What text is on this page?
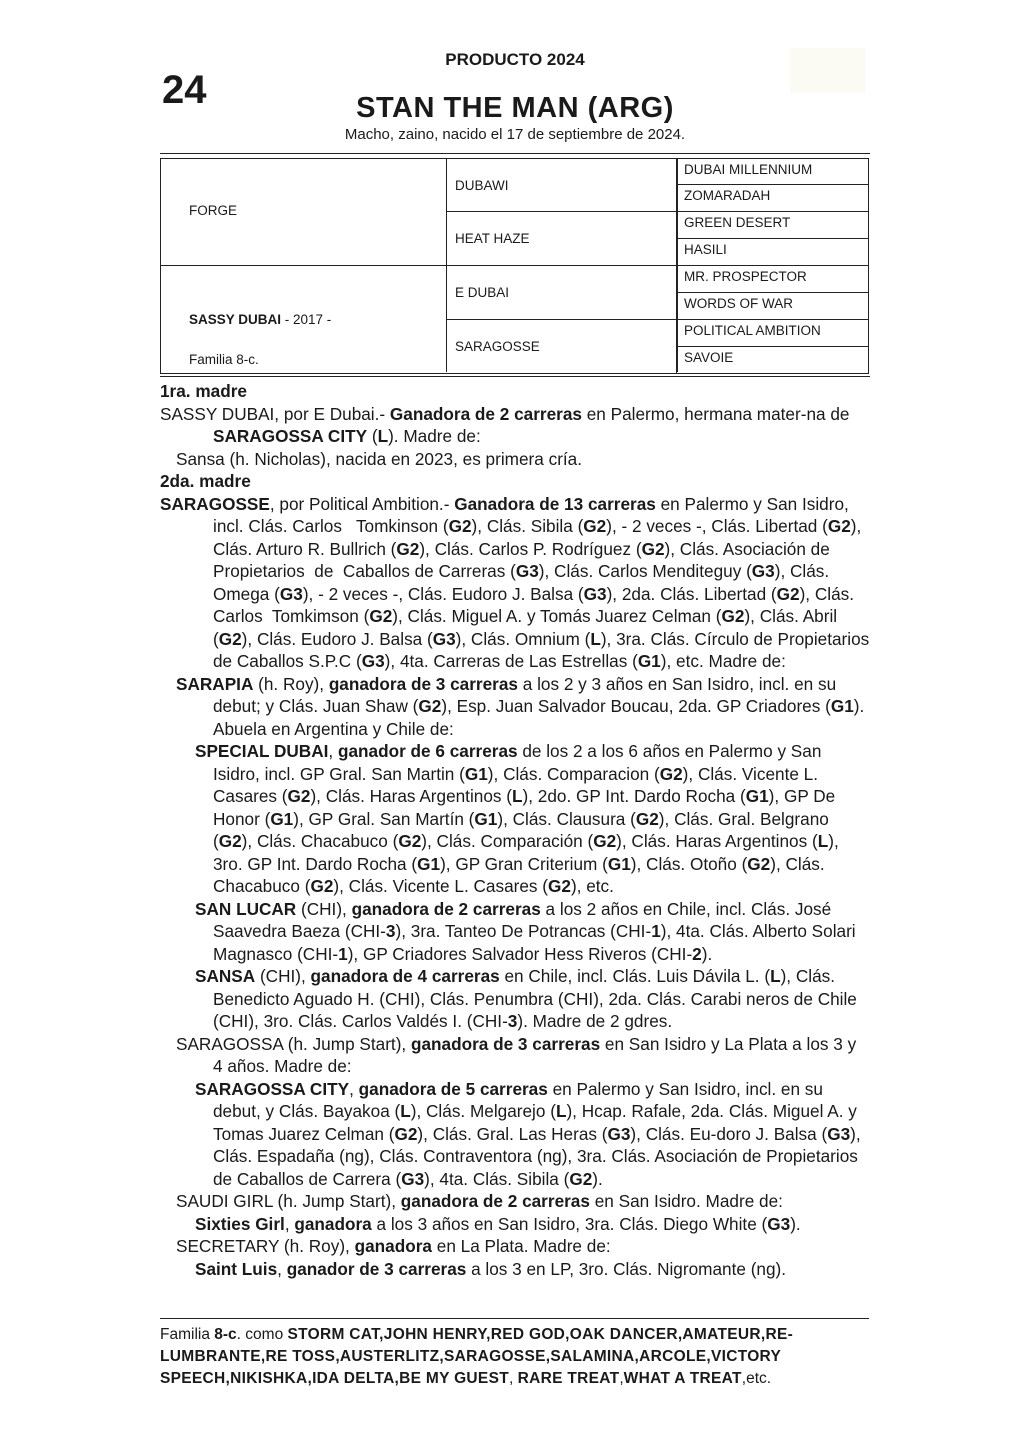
24
PRODUCTO 2024
STAN THE MAN (ARG)
Macho, zaino, nacido el 17 de septiembre de 2024.
FORGE
SASSY DUBAI - 2017 -
Familia 8-c.
DUBAWI
HEAT HAZE
E DUBAI
SARAGOSSE
DUBAI MILLENNIUM
ZOMARADAH
GREEN DESERT
HASILI
MR. PROSPECTOR
WORDS OF WAR
POLITICAL AMBITION
SAVOIE
1ra. madre
SASSY DUBAI, por E Dubai.- Ganadora de 2 carreras en Palermo, hermana mater-na de SARAGOSSA CITY (L). Madre de:
Sansa (h. Nicholas), nacida en 2023, es primera cría.
2da. madre
SARAGOSSE, por Political Ambition.- Ganadora de 13 carreras en Palermo y San Isidro, incl. Clás. Carlos   Tomkinson (G2), Clás. Sibila (G2), - 2 veces -, Clás. Libertad (G2), Clás. Arturo R. Bullrich (G2), Clás. Carlos P. Rodríguez (G2), Clás. Asociación de Propietarios  de  Caballos de Carreras (G3), Clás. Carlos Menditeguy (G3), Clás. Omega (G3), - 2 veces -, Clás. Eudoro J. Balsa (G3), 2da. Clás. Libertad (G2), Clás. Carlos  Tomkimson (G2), Clás. Miguel A. y Tomás Juarez Celman (G2), Clás. Abril (G2), Clás. Eudoro J. Balsa (G3), Clás. Omnium (L), 3ra. Clás. Círculo de Propietarios de Caballos S.P.C (G3), 4ta. Carreras de Las Estrellas (G1), etc. Madre de:
SARAPIA (h. Roy), ganadora de 3 carreras a los 2 y 3 años en San Isidro, incl. en su debut; y Clás. Juan Shaw (G2), Esp. Juan Salvador Boucau, 2da. GP Criadores (G1). Abuela en Argentina y Chile de:
SPECIAL DUBAI, ganador de 6 carreras de los 2 a los 6 años en Palermo y San Isidro, incl. GP Gral. San Martin (G1), Clás. Comparacion (G2), Clás. Vicente L. Casares (G2), Clás. Haras Argentinos (L), 2do. GP Int. Dardo Rocha (G1), GP De Honor (G1), GP Gral. San Martín (G1), Clás. Clausura (G2), Clás. Gral. Belgrano (G2), Clás. Chacabuco (G2), Clás. Comparación (G2), Clás. Haras Argentinos (L), 3ro. GP Int. Dardo Rocha (G1), GP Gran Criterium (G1), Clás. Otoño (G2), Clás. Chacabuco (G2), Clás. Vicente L. Casares (G2), etc.
SAN LUCAR (CHI), ganadora de 2 carreras a los 2 años en Chile, incl. Clás. José Saavedra Baeza (CHI-3), 3ra. Tanteo De Potrancas (CHI-1), 4ta. Clás. Alberto Solari Magnasco (CHI-1), GP Criadores Salvador Hess Riveros (CHI-2).
SANSA (CHI), ganadora de 4 carreras en Chile, incl. Clás. Luis Dávila L. (L), Clás. Benedicto Aguado H. (CHI), Clás. Penumbra (CHI), 2da. Clás. Carabi neros de Chile (CHI), 3ro. Clás. Carlos Valdés I. (CHI-3). Madre de 2 gdres.
SARAGOSSA (h. Jump Start), ganadora de 3 carreras en San Isidro y La Plata a los 3 y 4 años. Madre de:
SARAGOSSA CITY, ganadora de 5 carreras en Palermo y San Isidro, incl. en su debut, y Clás. Bayakoa (L), Clás. Melgarejo (L), Hcap. Rafale, 2da. Clás. Miguel A. y Tomas Juarez Celman (G2), Clás. Gral. Las Heras (G3), Clás. Eu-doro J. Balsa (G3), Clás. Espadaña (ng), Clás. Contraventora (ng), 3ra. Clás. Asociación de Propietarios de Caballos de Carrera (G3), 4ta. Clás. Sibila (G2).
SAUDI GIRL (h. Jump Start), ganadora de 2 carreras en San Isidro. Madre de:
Sixties Girl, ganadora a los 3 años en San Isidro, 3ra. Clás. Diego White (G3).
SECRETARY (h. Roy), ganadora en La Plata. Madre de:
Saint Luis, ganador de 3 carreras a los 3 en LP, 3ro. Clás. Nigromante (ng).
Familia 8-c. como STORM CAT,JOHN HENRY,RED GOD,OAK DANCER,AMATEUR,RE-LUMBRANTE,RE TOSS,AUSTERLITZ,SARAGOSSE,SALAMINA,ARCOLE,VICTORY SPEECH,NIKISHKA,IDA DELTA,BE MY GUEST, RARE TREAT,WHAT A TREAT,etc.
